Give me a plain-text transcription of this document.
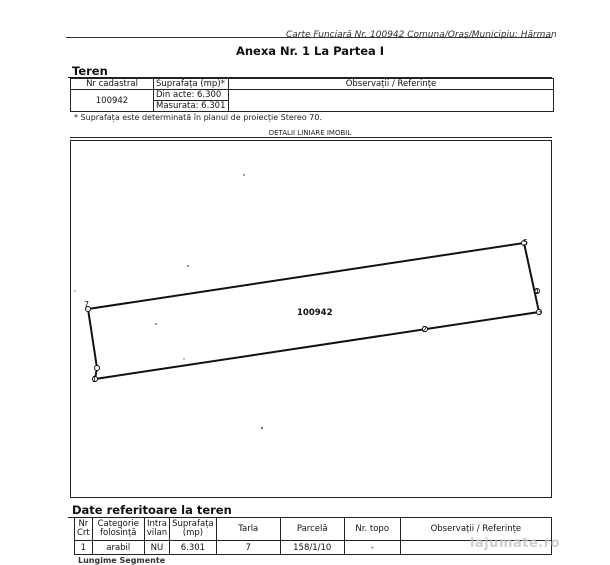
Carte Funciară Nr. 100942 Comuna/Oraș/Municipiu: Hărman
Anexa Nr. 1 La Partea I
Teren
Nr cadastral	Suprafața (mp)*	Observații / Referințe
100942	Din acte: 6.300	
	Masurata: 6.301	
* Suprafața este determinată în planul de proiecție Stereo 70.
DETALII LINIARE IMOBIL
7
5
4
3
2
1
100942
Date referitoare la teren
Nr Crt	Categorie folosință	Intra vilan	Suprafața (mp)	Tarla	Parcelă	Nr. topo	Observații / Referințe
1	arabil	NU	6.301	7	158/1/10	-	
Lungime Segmente
lajumate.ro
